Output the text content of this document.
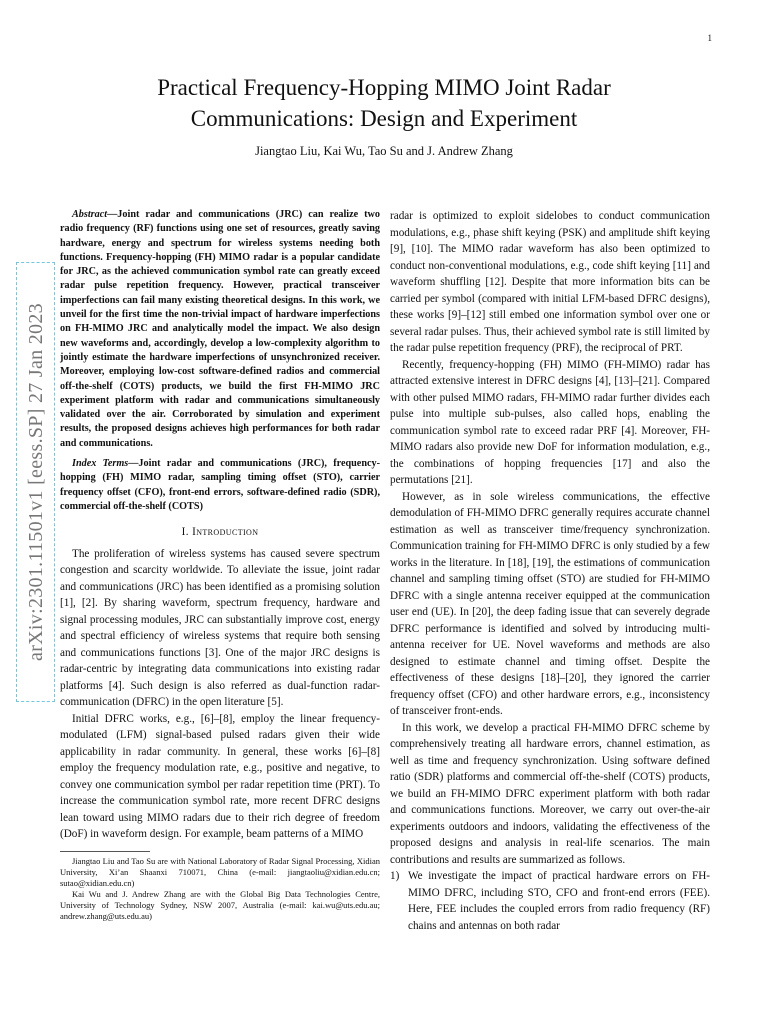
1
Practical Frequency-Hopping MIMO Joint Radar
Communications: Design and Experiment
Jiangtao Liu, Kai Wu, Tao Su and J. Andrew Zhang
arXiv:2301.11501v1 [eess.SP] 27 Jan 2023

Abstract—Joint radar and communications (JRC) can realize two radio frequency (RF) functions using one set of resources, greatly saving hardware, energy and spectrum for wireless systems needing both functions. Frequency-hopping (FH) MIMO radar is a popular candidate for JRC, as the achieved communication symbol rate can greatly exceed radar pulse repetition frequency. However, practical transceiver imperfections can fail many existing theoretical designs. In this work, we unveil for the first time the non-trivial impact of hardware imperfections on FH-MIMO JRC and analytically model the impact. We also design new waveforms and, accordingly, develop a low-complexity algorithm to jointly estimate the hardware imperfections of unsynchronized receiver. Moreover, employing low-cost software-defined radios and commercial off-the-shelf (COTS) products, we build the first FH-MIMO JRC experiment platform with radar and communications simultaneously validated over the air. Corroborated by simulation and experiment results, the proposed designs achieves high performances for both radar and communications.

Index Terms—Joint radar and communications (JRC), frequency-hopping (FH) MIMO radar, sampling timing offset (STO), carrier frequency offset (CFO), front-end errors, software-defined radio (SDR), commercial off-the-shelf (COTS)

I. Introduction

The proliferation of wireless systems has caused severe spectrum congestion and scarcity worldwide. To alleviate the issue, joint radar and communications (JRC) has been identified as a promising solution [1], [2]. By sharing waveform, spectrum frequency, hardware and signal processing modules, JRC can substantially improve cost, energy and spectral efficiency of wireless systems that require both sensing and communications functions [3]. One of the major JRC designs is radar-centric by integrating data communications into existing radar platforms [4]. Such design is also referred as dual-function radar-communication (DFRC) in the open literature [5].

Initial DFRC works, e.g., [6]–[8], employ the linear frequency-modulated (LFM) signal-based pulsed radars given their wide applicability in radar community. In general, these works [6]–[8] employ the frequency modulation rate, e.g., positive and negative, to convey one communication symbol per radar repetition time (PRT). To increase the communication symbol rate, more recent DFRC designs lean toward using MIMO radars due to their rich degree of freedom (DoF) in waveform design. For example, beam patterns of a MIMO

Jiangtao Liu and Tao Su are with National Laboratory of Radar Signal Processing, Xidian University, Xi’an Shaanxi 710071, China (e-mail: jiangtaoliu@xidian.edu.cn; sutao@xidian.edu.cn)

Kai Wu and J. Andrew Zhang are with the Global Big Data Technologies Centre, University of Technology Sydney, NSW 2007, Australia (e-mail: kai.wu@uts.edu.au; andrew.zhang@uts.edu.au)

radar is optimized to exploit sidelobes to conduct communication modulations, e.g., phase shift keying (PSK) and amplitude shift keying [9], [10]. The MIMO radar waveform has also been optimized to conduct non-conventional modulations, e.g., code shift keying [11] and waveform shuffling [12]. Despite that more information bits can be carried per symbol (compared with initial LFM-based DFRC designs), these works [9]–[12] still embed one information symbol over one or several radar pulses. Thus, their achieved symbol rate is still limited by the radar pulse repetition frequency (PRF), the reciprocal of PRT.

Recently, frequency-hopping (FH) MIMO (FH-MIMO) radar has attracted extensive interest in DFRC designs [4], [13]–[21]. Compared with other pulsed MIMO radars, FH-MIMO radar further divides each pulse into multiple sub-pulses, also called hops, enabling the communication symbol rate to exceed radar PRF [4]. Moreover, FH-MIMO radars also provide new DoF for information modulation, e.g., the combinations of hopping frequencies [17] and also the permutations [21].

However, as in sole wireless communications, the effective demodulation of FH-MIMO DFRC generally requires accurate channel estimation as well as transceiver time/frequency synchronization. Communication training for FH-MIMO DFRC is only studied by a few works in the literature. In [18], [19], the estimations of communication channel and sampling timing offset (STO) are studied for FH-MIMO DFRC with a single antenna receiver equipped at the communication user end (UE). In [20], the deep fading issue that can severely degrade DFRC performance is identified and solved by introducing multi-antenna receiver for UE. Novel waveforms and methods are also designed to estimate channel and timing offset. Despite the effectiveness of these designs [18]–[20], they ignored the carrier frequency offset (CFO) and other hardware errors, e.g., inconsistency of transceiver front-ends.

In this work, we develop a practical FH-MIMO DFRC scheme by comprehensively treating all hardware errors, channel estimation, as well as time and frequency synchronization. Using software defined ratio (SDR) platforms and commercial off-the-shelf (COTS) products, we build an FH-MIMO DFRC experiment platform with both radar and communications functions. Moreover, we carry out over-the-air experiments outdoors and indoors, validating the effectiveness of the proposed designs and analysis in real-life scenarios. The main contributions and results are summarized as follows.

1) We investigate the impact of practical hardware errors on FH-MIMO DFRC, including STO, CFO and front-end errors (FEE). Here, FEE includes the coupled errors from radio frequency (RF) chains and antennas on both radar
